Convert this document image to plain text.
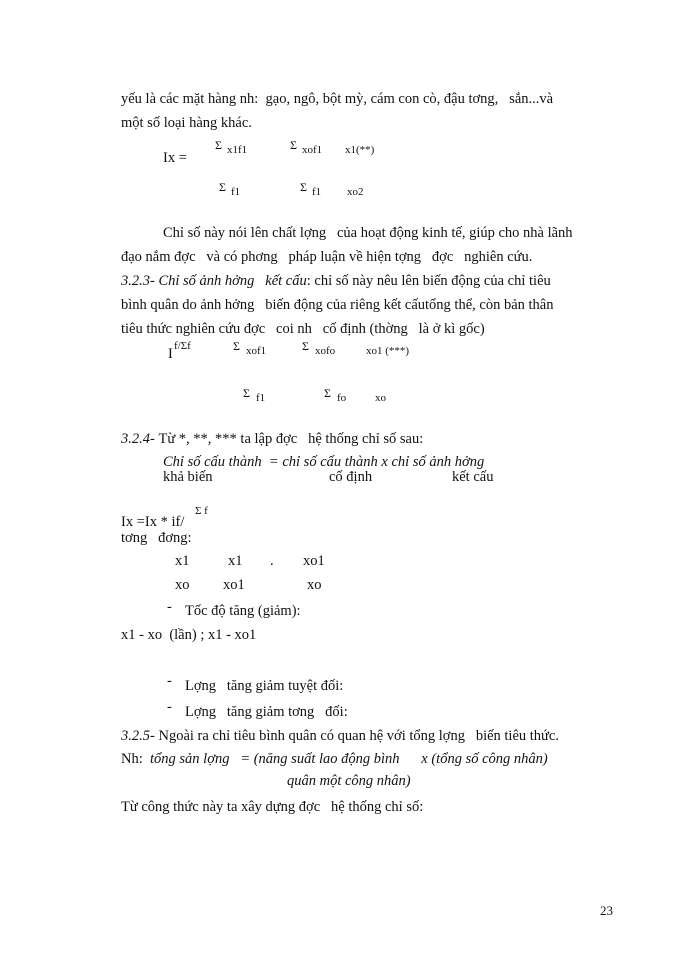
yếu là các mặt hàng nh:  gạo, ngô, bột mỳ, cám con cò, đậu tơng,   sắn...và
một số loại hàng khác.
Ix =
Σ x1f1	Σ xof1 x1(**)
Σ f1	Σ f1 xo2
Chỉ số này nói lên chất lợng   của hoạt động kinh tế, giúp cho nhà lãnh
đạo nắm đợc   và có phơng   pháp luận về hiện tợng   đợc   nghiên cứu.
3.2.3- Chỉ số ảnh hởng   kết cấu: chỉ số này nêu lên biến động của chỉ tiêu
bình quân do ảnh hởng   biến động của riêng kết cấutổng thể, còn bản thân
tiêu thức nghiên cứu đợc   coi nh   cố định (thờng   là ở kì gốc)
I f/Σf	Σ xof1	Σ xofo	xo1 (***)
Σ f1	Σ fo	xo
3.2.4- Từ *, **, *** ta lập đợc   hệ thống chỉ số sau:
Chỉ số cấu thành  = chỉ số cấu thành x chỉ số ảnh hởng
khả biến	cố định	kết cấu
Ix =Ix * if/
Σ f
tơng   đơng:
x1	x1 . xo1
xo xo1	xo
- Tốc độ tăng (giảm):
x1 - xo  (lần) ; x1 - xo1
- Lợng   tăng giảm tuyệt đối:
- Lợng   tăng giảm tơng   đối:
3.2.5- Ngoài ra chỉ tiêu bình quân có quan hệ với tổng lợng   biến tiêu thức.
Nh:  tổng sản lợng   = (năng suất lao động bình      x (tổng số công nhân)
quân một công nhân)
Từ công thức này ta xây dựng đợc   hệ thống chỉ số:
23
